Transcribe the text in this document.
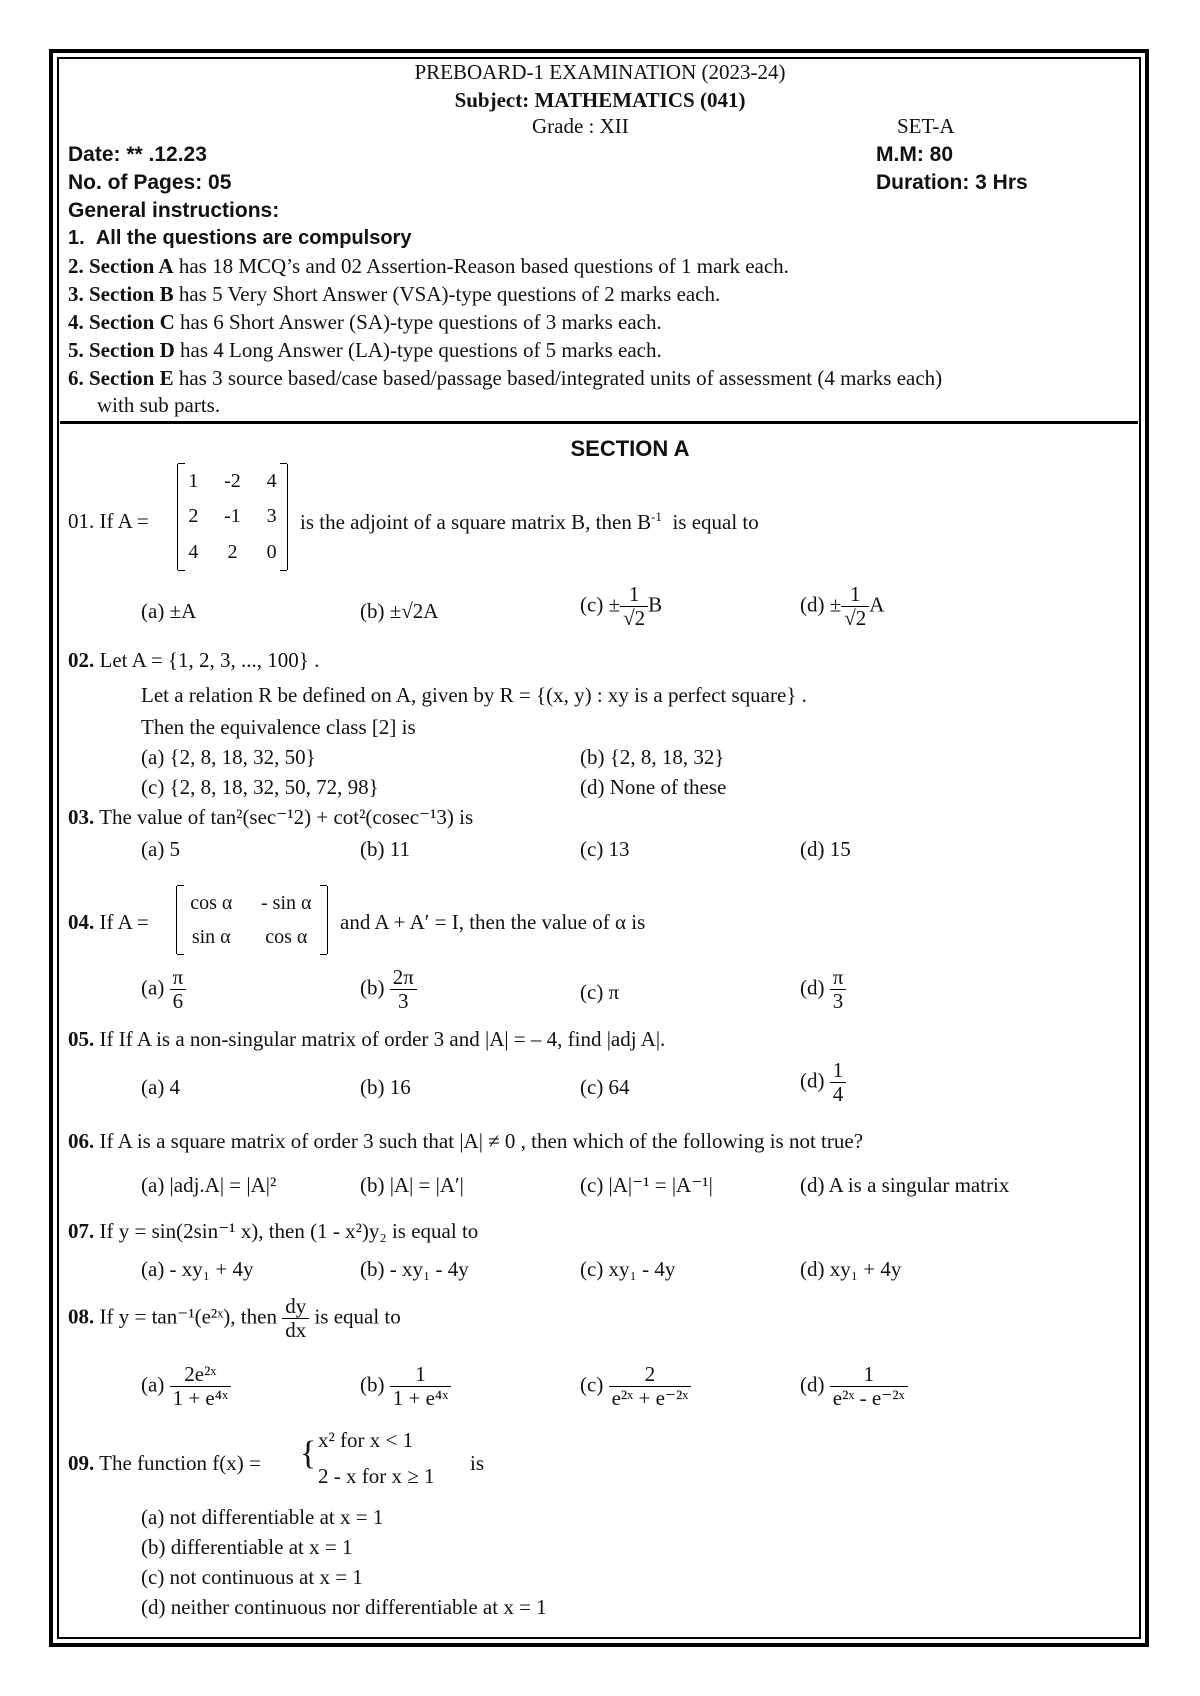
PREBOARD-1 EXAMINATION (2023-24)
Subject: MATHEMATICS (041)
Grade : XII	SET-A
Date: ** .12.23	M.M: 80
No. of Pages: 05	Duration: 3 Hrs
General instructions:
1. All the questions are compulsory
2. Section A has 18 MCQ’s and 02 Assertion-Reason based questions of 1 mark each.
3. Section B has 5 Very Short Answer (VSA)-type questions of 2 marks each.
4. Section C has 6 Short Answer (SA)-type questions of 3 marks each.
5. Section D has 4 Long Answer (LA)-type questions of 5 marks each.
6. Section E has 3 source based/case based/passage based/integrated units of assessment (4 marks each)
with sub parts.
SECTION A
01. If A =
1	-2	4
2	-1	3
4	2	0
is the adjoint of a square matrix B, then $B^{-1}$ is equal to
(a) ±A	(b) ±√2A	$(c) \pm \frac{1}{√2}$ B	$(d) \pm \frac{1}{√2}$ A
02. Let A = {1, 2, 3, ..., 100} .
Let a relation R be defined on A, given by R = {(x, y) : xy is a perfect square} .
Then the equivalence class [2] is
(a) {2, 8, 18, 32, 50}	(b) {2, 8, 18, 32}
(c) {2, 8, 18, 32, 50, 72, 98}	(d) None of these
03. The value of tan²(sec⁻¹2) + cot²(cosec⁻¹3) is
(a) 5	(b) 11	(c) 13	(d) 15
04. If A =
cos α	- sin α
sin α	cos α
and A + A′ = I, then the value of α is
$(a) \frac{\pi}{6}$	$(b) \frac{2\pi}{3}$	(c) π	$(d) \frac{\pi}{3}$
05. If If A is a non-singular matrix of order 3 and |A| = – 4, find |adj A|.
(a) 4	(b) 16	(c) 64	$(d) \frac{1}{4}$
06. If A is a square matrix of order 3 such that |A| ≠ 0 , then which of the following is not true?
(a) |adj.A| = |A|²	(b) |A| = |A′|	(c) |A|⁻¹ = |A⁻¹|	(d) A is a singular matrix
07. If y = sin(2sin⁻¹ x), then (1 - x²)y₂ is equal to
(a) - xy₁ + 4y	(b) - xy₁ - 4y	(c) xy₁ - 4y	(d) xy₁ + 4y
08. If y = tan⁻¹(e²ˣ), then $\frac{dy}{dx}$ is equal to
$(a) \frac{\text{2e²ˣ}}{\text{1 + e⁴ˣ}}$	$(b) \frac{1}{\text{1 + e⁴ˣ}}$	$(c) \frac{2}{\text{e²ˣ + e⁻²ˣ}}$	$(d) \frac{1}{\text{e²ˣ - e⁻²ˣ}}$
09. The function f(x) = { x² for x < 1
2 - x for x ≥ 1
is
(a) not differentiable at x = 1
(b) differentiable at x = 1
(c) not continuous at x = 1
(d) neither continuous nor differentiable at x = 1
